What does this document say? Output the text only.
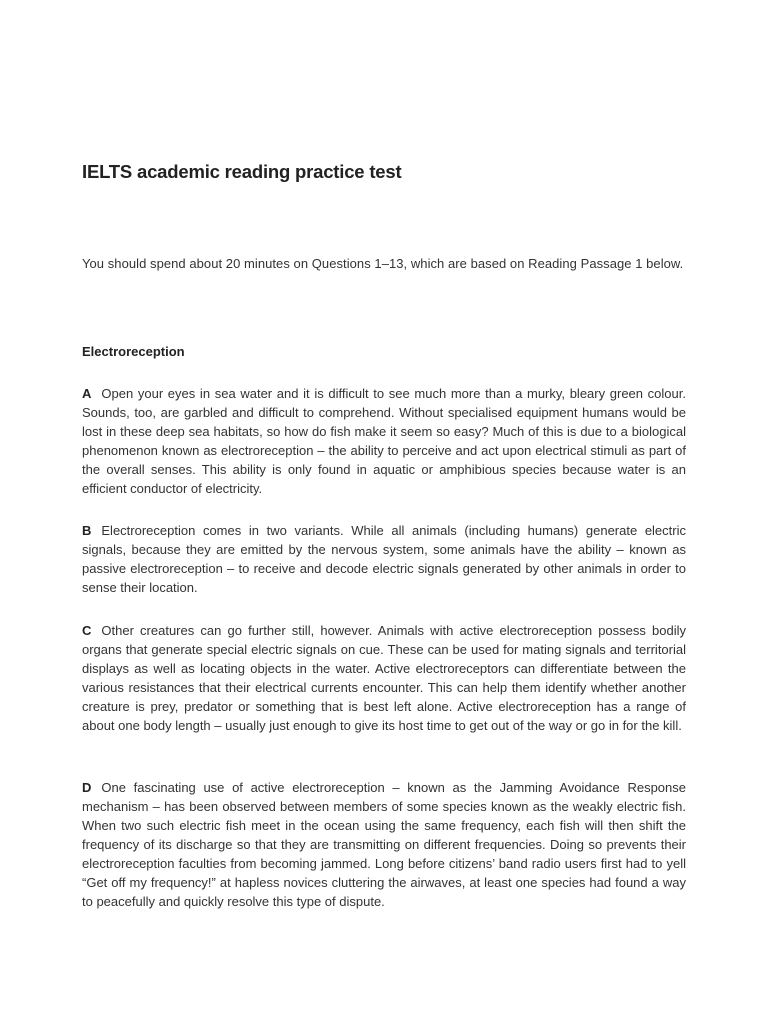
IELTS academic reading practice test

You should spend about 20 minutes on Questions 1–13, which are based on Reading Passage 1 below.

Electroreception

A Open your eyes in sea water and it is difficult to see much more than a murky, bleary green colour. Sounds, too, are garbled and difficult to comprehend. Without specialised equipment humans would be lost in these deep sea habitats, so how do fish make it seem so easy? Much of this is due to a biological phenomenon known as electroreception – the ability to perceive and act upon electrical stimuli as part of the overall senses. This ability is only found in aquatic or amphibious species because water is an efficient conductor of electricity.

B Electroreception comes in two variants. While all animals (including humans) generate electric signals, because they are emitted by the nervous system, some animals have the ability – known as passive electroreception – to receive and decode electric signals generated by other animals in order to sense their location.

C Other creatures can go further still, however. Animals with active electroreception possess bodily organs that generate special electric signals on cue. These can be used for mating signals and territorial displays as well as locating objects in the water. Active electroreceptors can differentiate between the various resistances that their electrical currents encounter. This can help them identify whether another creature is prey, predator or something that is best left alone. Active electroreception has a range of about one body length – usually just enough to give its host time to get out of the way or go in for the kill.

D One fascinating use of active electroreception – known as the Jamming Avoidance Response mechanism – has been observed between members of some species known as the weakly electric fish. When two such electric fish meet in the ocean using the same frequency, each fish will then shift the frequency of its discharge so that they are transmitting on different frequencies. Doing so prevents their electroreception faculties from becoming jammed. Long before citizens’ band radio users first had to yell “Get off my frequency!” at hapless novices cluttering the airwaves, at least one species had found a way to peacefully and quickly resolve this type of dispute.
